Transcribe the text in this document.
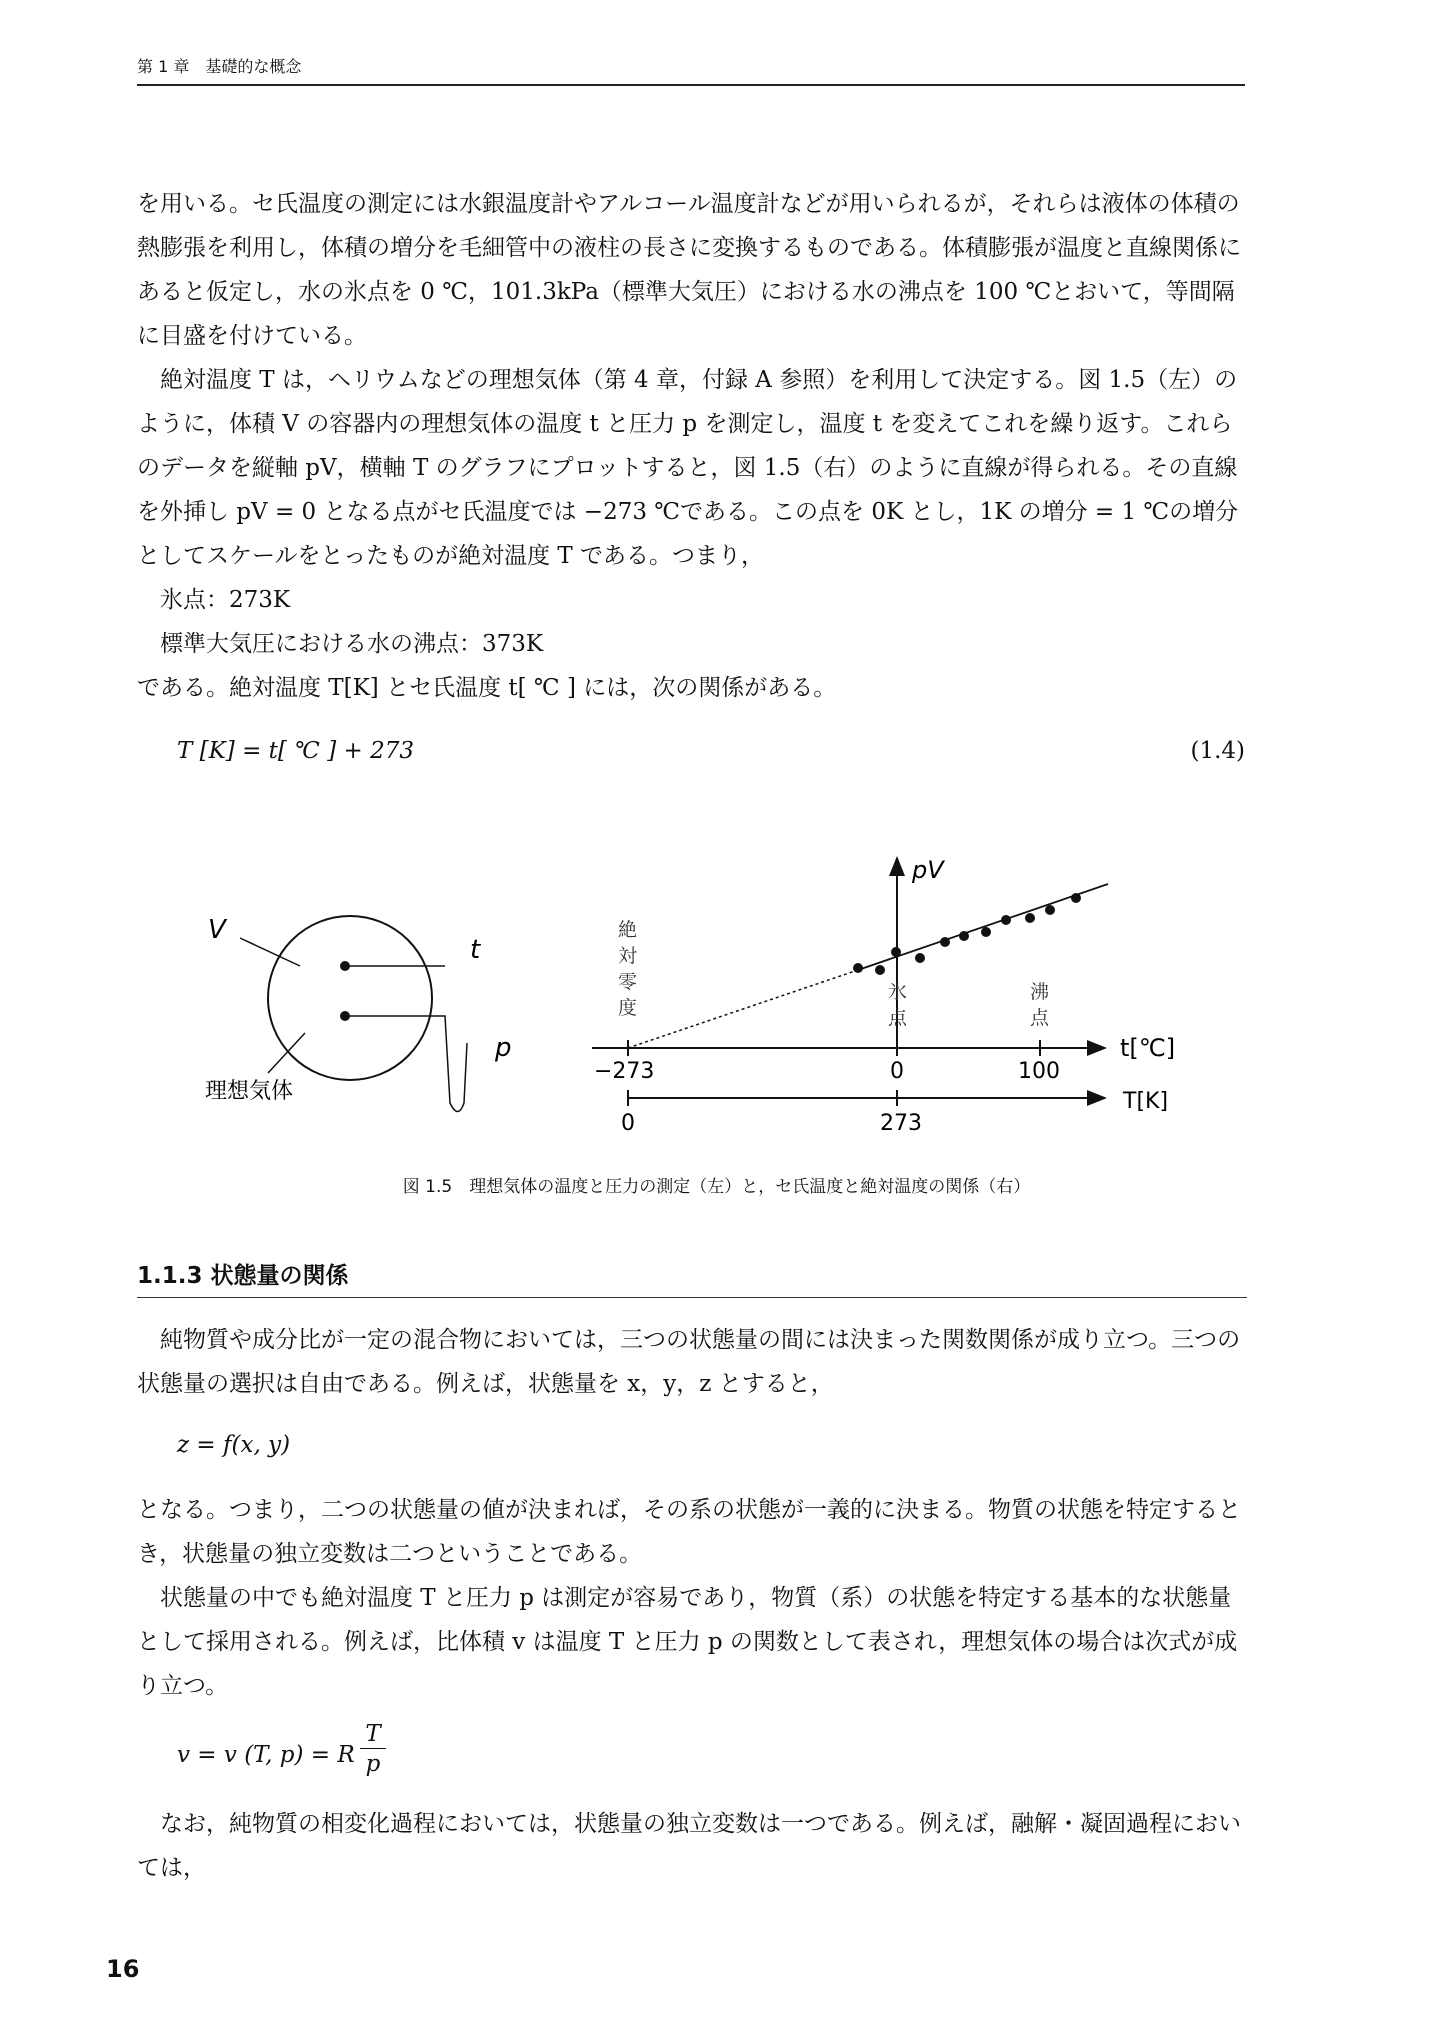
第 1 章　基礎的な概念

を用いる。セ氏温度の測定には水銀温度計やアルコール温度計などが用いられるが，それらは液体の体積の熱膨張を利用し，体積の増分を毛細管中の液柱の長さに変換するものである。体積膨張が温度と直線関係にあると仮定し，水の氷点を 0 ℃，101.3kPa（標準大気圧）における水の沸点を 100 ℃とおいて，等間隔に目盛を付けている。

絶対温度 T は，ヘリウムなどの理想気体（第 4 章，付録 A 参照）を利用して決定する。図 1.5（左）のように，体積 V の容器内の理想気体の温度 t と圧力 p を測定し，温度 t を変えてこれを繰り返す。これらのデータを縦軸 pV，横軸 T のグラフにプロットすると，図 1.5（右）のように直線が得られる。その直線を外挿し pV = 0 となる点がセ氏温度では −273 ℃である。この点を 0K とし，1K の増分 = 1 ℃の増分 としてスケールをとったものが絶対温度 T である。つまり，

氷点：273K
標準大気圧における水の沸点：373K
である。絶対温度 T[K] とセ氏温度 t[ ℃ ] には，次の関係がある。
T [K] = t[ ℃ ] + 273	(1.4)
V
t
p
理想気体
pV
t[℃]
−273	0	100
T[K]
0	273
絶
対
零
度
氷
点
沸
点
図 1.5　理想気体の温度と圧力の測定（左）と，セ氏温度と絶対温度の関係（右）
1.1.3 状態量の関係

純物質や成分比が一定の混合物においては，三つの状態量の間には決まった関数関係が成り立つ。三つの状態量の選択は自由である。例えば，状態量を x，y，z とすると，

z = f(x, y)

となる。つまり，二つの状態量の値が決まれば，その系の状態が一義的に決まる。物質の状態を特定するとき，状態量の独立変数は二つということである。

状態量の中でも絶対温度 T と圧力 p は測定が容易であり，物質（系）の状態を特定する基本的な状態量として採用される。例えば，比体積 v は温度 T と圧力 p の関数として表され，理想気体の場合は次式が成り立つ。

v = v (T, p) = R $\frac{T}{p}$

なお，純物質の相変化過程においては，状態量の独立変数は一つである。例えば，融解・凝固過程においては，

16
